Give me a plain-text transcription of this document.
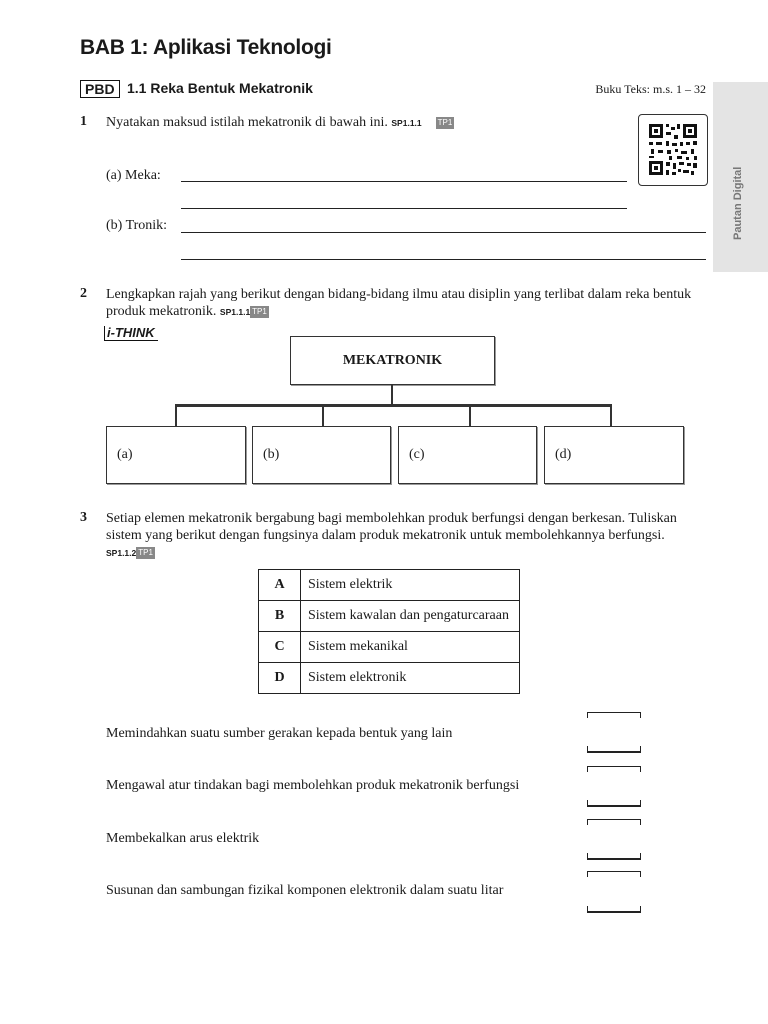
BAB 1: Aplikasi Teknologi
PBD 1.1 Reka Bentuk Mekatronik	Buku Teks: m.s. 1 – 32
Pautan Digital
1 Nyatakan maksud istilah mekatronik di bawah ini. SP1.1.1 TP1
(a) Meka:
(b) Tronik:
2 Lengkapkan rajah yang berikut dengan bidang-bidang ilmu atau disiplin yang terlibat dalam reka bentuk
produk mekatronik. SP1.1.1 TP1
i-THINK
MEKATRONIK
(a)	(b)	(c)	(d)
3 Setiap elemen mekatronik bergabung bagi membolehkan produk berfungsi dengan berkesan. Tuliskan
sistem yang berikut dengan fungsinya dalam produk mekatronik untuk membolehkannya berfungsi.
SP1.1.2 TP1
A	Sistem elektrik
B	Sistem kawalan dan pengaturcaraan
C	Sistem mekanikal
D	Sistem elektronik
Memindahkan suatu sumber gerakan kepada bentuk yang lain
Mengawal atur tindakan bagi membolehkan produk mekatronik berfungsi
Membekalkan arus elektrik
Susunan dan sambungan fizikal komponen elektronik dalam suatu litar
